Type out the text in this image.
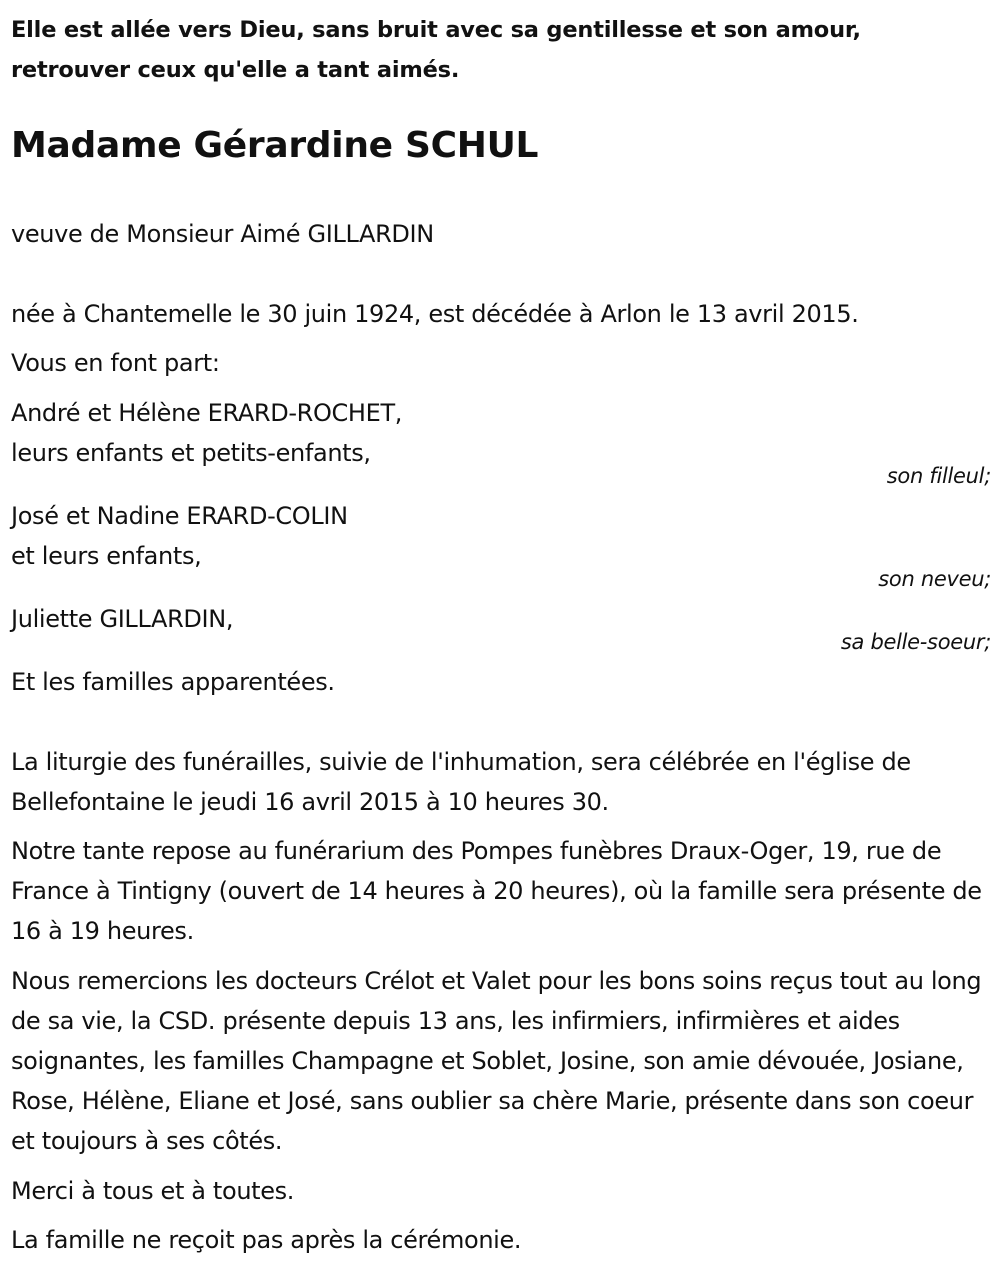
Elle est allée vers Dieu, sans bruit avec sa gentillesse et son amour,
retrouver ceux qu'elle a tant aimés.
Madame Gérardine SCHUL
veuve de Monsieur Aimé GILLARDIN
née à Chantemelle le 30 juin 1924, est décédée à Arlon le 13 avril 2015.
Vous en font part:
André et Hélène ERARD-ROCHET,
leurs enfants et petits-enfants,
son filleul;
José et Nadine ERARD-COLIN
et leurs enfants,
son neveu;
Juliette GILLARDIN,
sa belle-soeur;
Et les familles apparentées.
La liturgie des funérailles, suivie de l'inhumation, sera célébrée en l'église de Bellefontaine le jeudi 16 avril 2015 à 10 heures 30.
Notre tante repose au funérarium des Pompes funèbres Draux-Oger, 19, rue de France à Tintigny (ouvert de 14 heures à 20 heures), où la famille sera présente de 16 à 19 heures.
Nous remercions les docteurs Crélot et Valet pour les bons soins reçus tout au long de sa vie, la CSD. présente depuis 13 ans, les infirmiers, infirmières et aides soignantes, les familles Champagne et Soblet, Josine, son amie dévouée, Josiane, Rose, Hélène, Eliane et José, sans oublier sa chère Marie, présente dans son coeur et toujours à ses côtés.
Merci à tous et à toutes.
La famille ne reçoit pas après la cérémonie.
